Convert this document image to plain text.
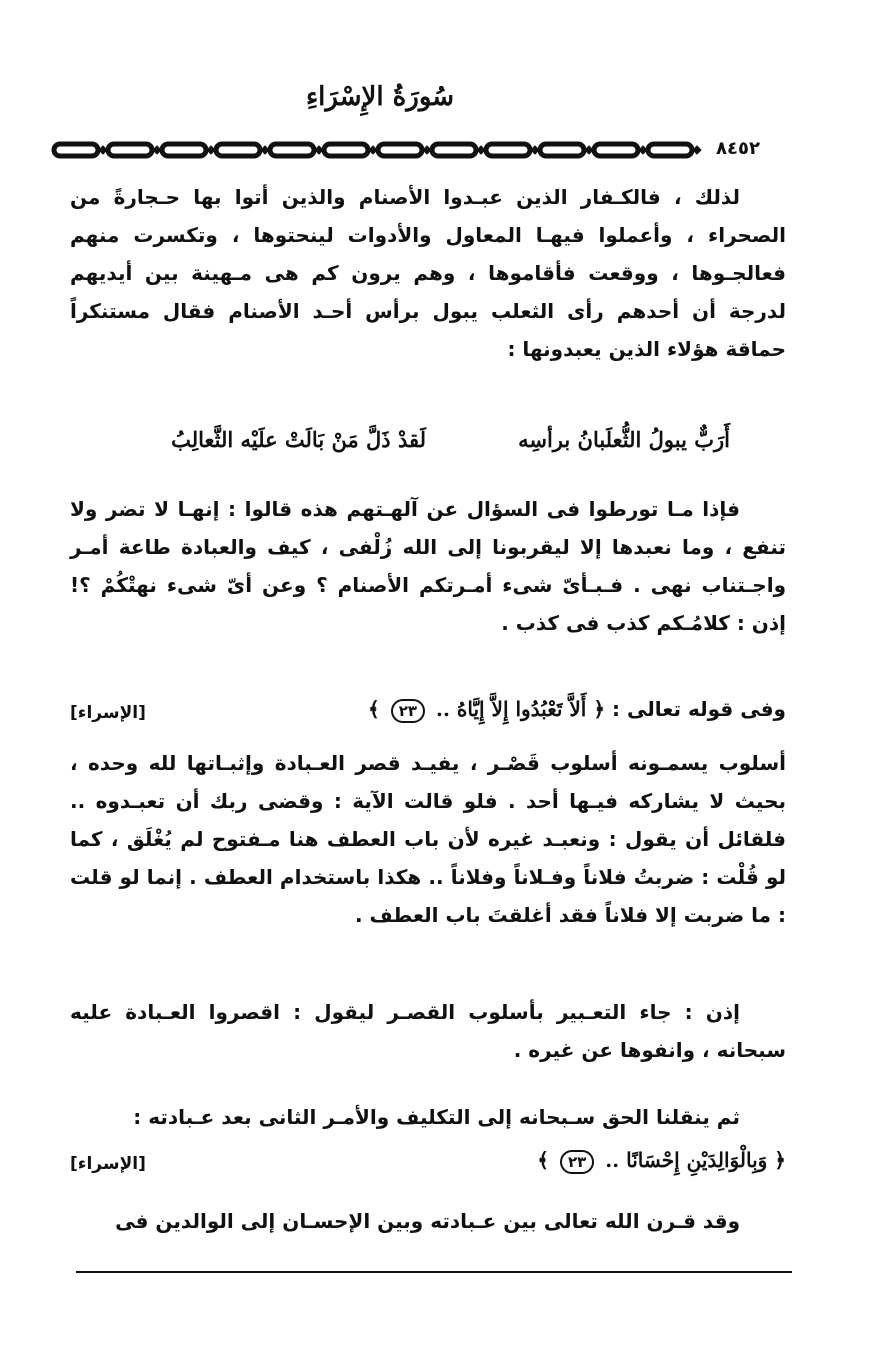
سُورَةُ الإِسْرَاءِ
٨٤٥٢
لذلك ، فالكـفار الذين عبـدوا الأصنام والذين أتوا بها حـجارةً من الصحراء ، وأعملوا فيهـا المعاول والأدوات لينحتوها ، وتكسرت منهم فعالجـوها ، ووقعت فأقاموها ، وهم يرون كم هى مـهينة بين أيديهم لدرجة أن أحدهم رأى الثعلب يبول برأس أحـد الأصنام فقال مستنكراً حماقة هؤلاء الذين يعبدونها :
أَرَبٌّ يبولُ الثُّعلَبانُ برأسِه
لَقدْ ذَلَّ مَنْ بَالَتْ علَيْه الثَّعالِبُ
فإذا مـا تورطوا فى السؤال عن آلهـتهم هذه قالوا : إنهـا لا تضر ولا تنفع ، وما نعبدها إلا ليقربونا إلى الله زُلْفى ، كيف والعبادة طاعة أمـر واجـتناب نهى . فـبـأىّ شىء أمـرتكم الأصنام ؟ وعن أىّ شىء نهتْكُمْ ؟! إذن : كلامُـكم كذب فى كذب .
وفى قوله تعالى : ﴿ أَلاَّ تَعْبُدُوا إِلاَّ إِيَّاهُ .. ٢٣ ﴾
[الإسراء]
أسلوب يسمـونه أسلوب قَصْـر ، يفيـد قصر العـبادة وإثبـاتها لله وحده ، بحيث لا يشاركه فيـها أحد . فلو قالت الآية : وقضى ربك أن تعبـدوه .. فلقائل أن يقول : ونعبـد غيره لأن باب العطف هنا مـفتوح لم يُغْلَق ، كما لو قُلْت : ضربتُ فلاناً وفـلاناً وفلاناً .. هكذا باستخدام العطف . إنما لو قلت : ما ضربت إلا فلاناً فقد أغلقتَ باب العطف .
إذن : جاء التعـبير بأسلوب القصـر ليقول : اقصروا العـبادة عليه سبحانه ، وانفوها عن غيره .
ثم ينقلنا الحق سـبحانه إلى التكليف والأمـر الثانى بعد عـبادته :
﴿ وَبِالْوَالِدَيْنِ إِحْسَانًا .. ٢٣ ﴾
[الإسراء]
وقد قـرن الله تعالى بين عـبادته وبين الإحسـان إلى الوالدين فى
